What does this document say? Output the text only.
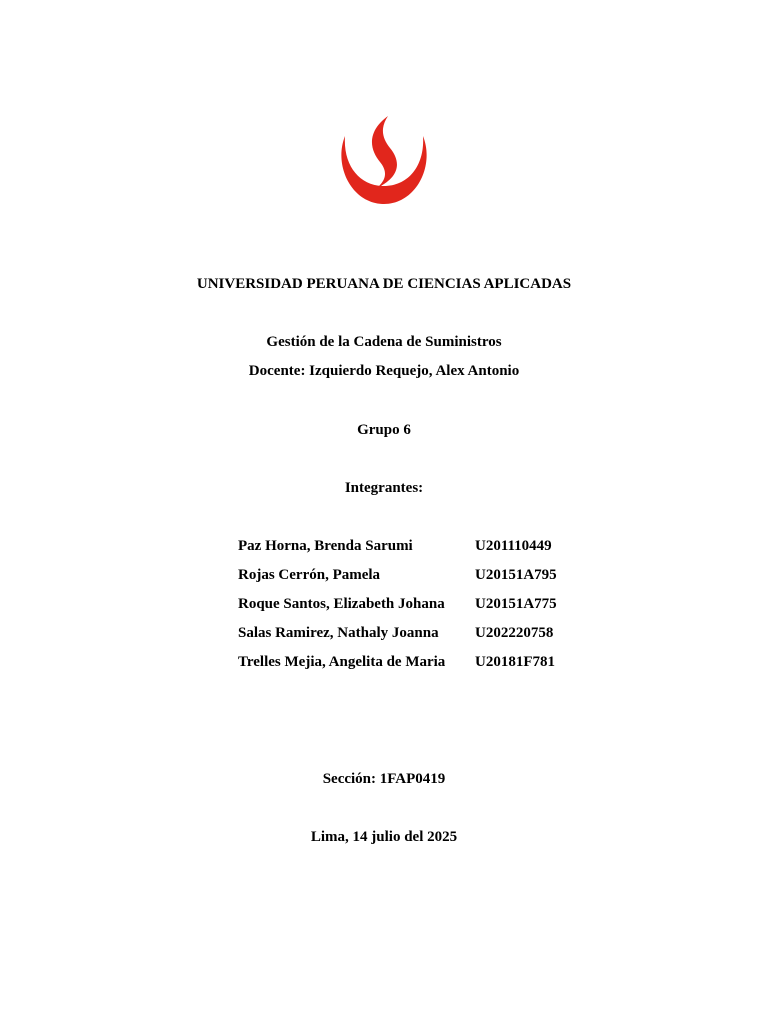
UNIVERSIDAD PERUANA DE CIENCIAS APLICADAS
Gestión de la Cadena de Suministros
Docente: Izquierdo Requejo, Alex Antonio
Grupo 6
Integrantes:
Paz Horna, Brenda Sarumi	U201110449
Rojas Cerrón, Pamela	U20151A795
Roque Santos, Elizabeth Johana U20151A775
Salas Ramirez, Nathaly Joanna U202220758
Trelles Mejia, Angelita de Maria U20181F781
Sección: 1FAP0419
Lima, 14 julio del 2025
